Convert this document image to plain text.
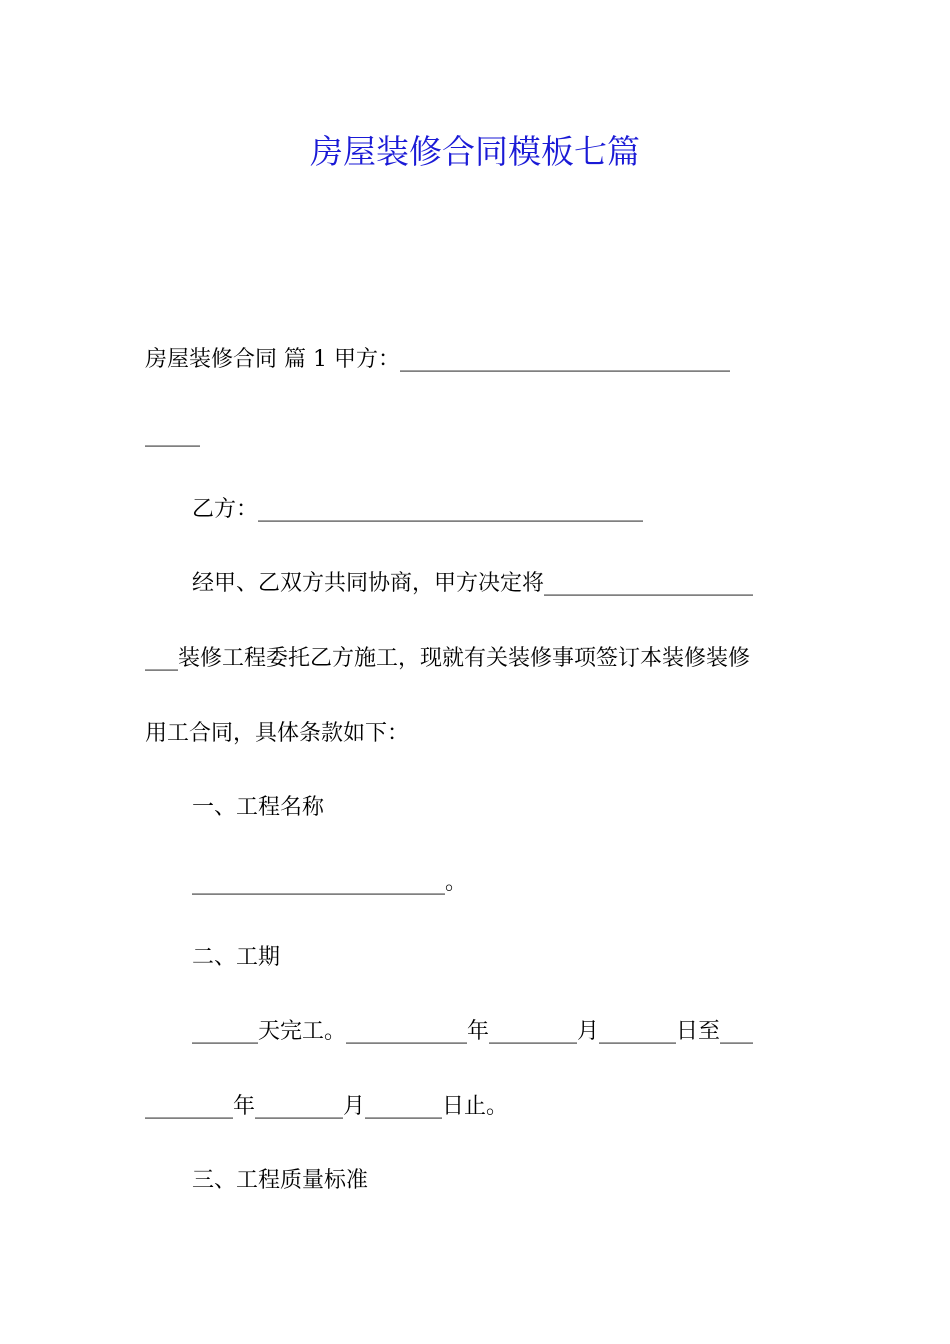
房屋装修合同模板七篇
房屋装修合同 篇 1 甲方：______________________________
_____
乙方：___________________________________
经甲、乙双方共同协商，甲方决定将___________________
___装修工程委托乙方施工，现就有关装修事项签订本装修装修
用工合同，具体条款如下：
一、工程名称
_______________________。
二、工期
______天完工。___________年________月_______日至___
________年________月_______日止。
三、工程质量标准
